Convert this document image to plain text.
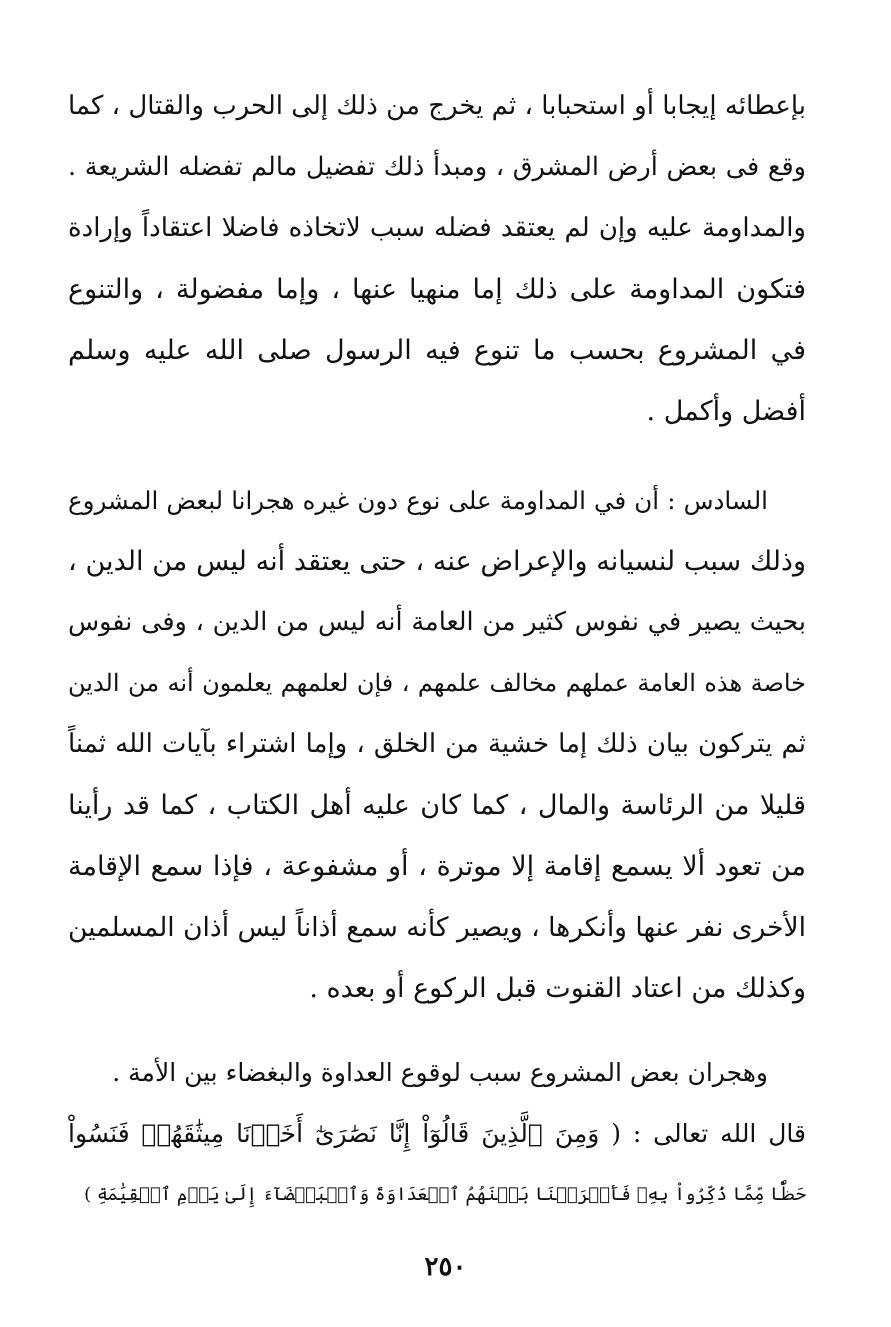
بإعطائه إيجابا أو استحبابا ، ثم يخرج من ذلك إلى الحرب والقتال ، كما
وقع فى بعض أرض المشرق ، ومبدأ ذلك تفضيل مالم تفضله الشريعة .
والمداومة عليه وإن لم يعتقد فضله سبب لاتخاذه فاضلا اعتقاداً وإرادة
فتكون المداومة على ذلك إما منهيا عنها ، وإما مفضولة ، والتنوع
في المشروع بحسب ما تنوع فيه الرسول صلى الله عليه وسلم
أفضل وأكمل .
السادس : أن في المداومة على نوع دون غيره هجرانا لبعض المشروع
وذلك سبب لنسيانه والإعراض عنه ، حتى يعتقد أنه ليس من الدين ،
بحيث يصير في نفوس كثير من العامة أنه ليس من الدين ، وفى نفوس
خاصة هذه العامة عملهم مخالف علمهم ، فإن لعلمهم يعلمون أنه من الدين
ثم يتركون بيان ذلك إما خشية من الخلق ، وإما اشتراء بآيات الله ثمناً
قليلا من الرئاسة والمال ، كما كان عليه أهل الكتاب ، كما قد رأينا
من تعود ألا يسمع إقامة إلا موترة ، أو مشفوعة ، فإذا سمع الإقامة
الأخرى نفر عنها وأنكرها ، ويصير كأنه سمع أذاناً ليس أذان المسلمين
وكذلك من اعتاد القنوت قبل الركوع أو بعده .
وهجران بعض المشروع سبب لوقوع العداوة والبغضاء بين الأمة .
قال الله تعالى : ( وَمِنَ ٱلَّذِينَ قَالُوٓاْ إِنَّا نَصَٰرَىٰٓ أَخَذۡنَا مِيثَٰقَهُمۡ فَنَسُواْ
حَظّٗا مِّمَّا ذُكِّرُواْ بِهِۦ فَأَغۡرَيۡنَا بَيۡنَهُمُ ٱلۡعَدَاوَةَ وَٱلۡبَغۡضَآءَ إِلَىٰ يَوۡمِ ٱلۡقِيَٰمَةِ )
٢٥٠
